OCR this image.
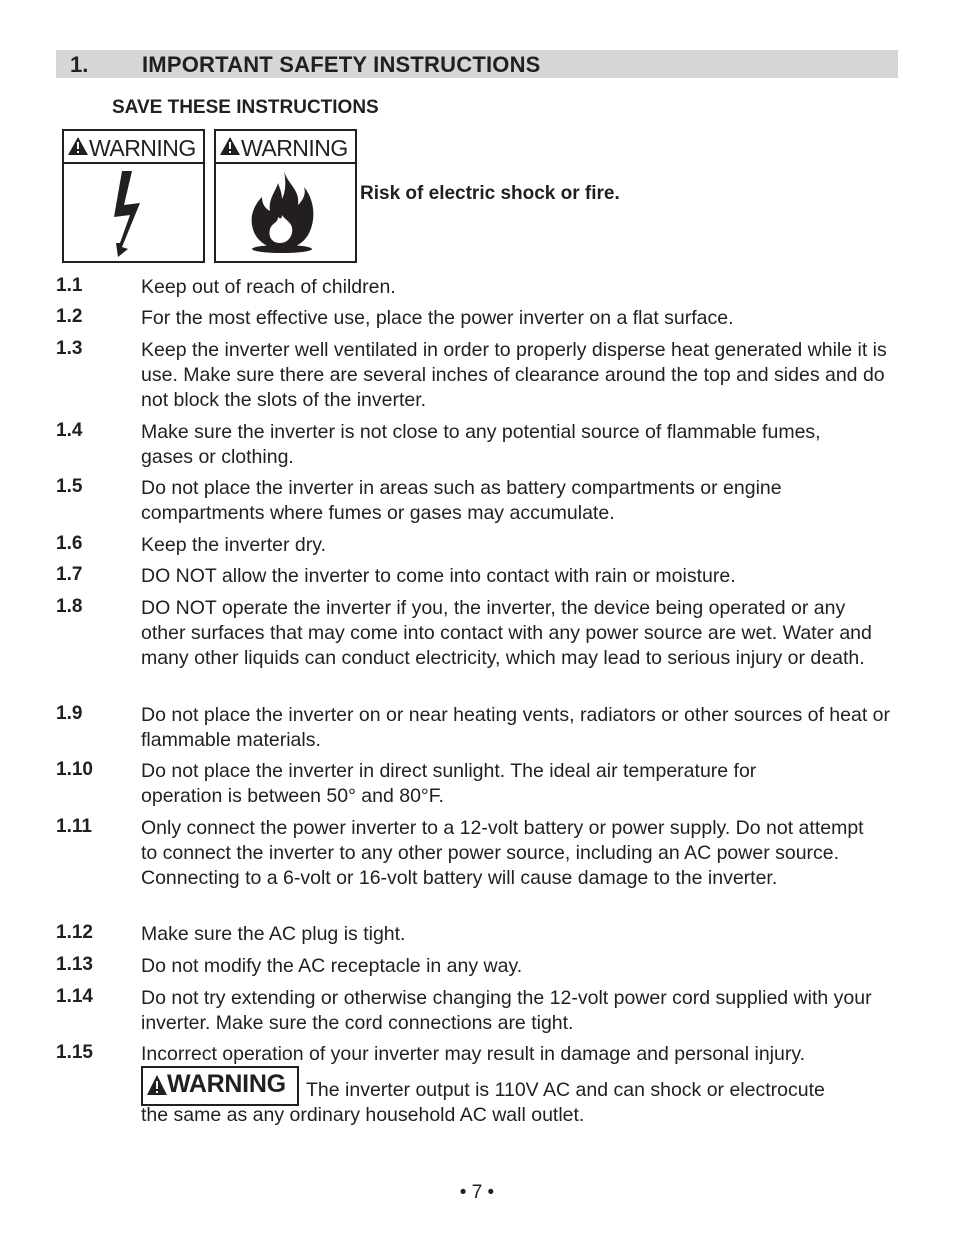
1. IMPORTANT SAFETY INSTRUCTIONS
SAVE THESE INSTRUCTIONS
WARNING WARNING
Risk of electric shock or fire.
1.1	Keep out of reach of children.
1.2	For the most effective use, place the power inverter on a flat surface.
1.3	Keep the inverter well ventilated in order to properly disperse heat generated while it is use. Make sure there are several inches of clearance around the top and sides and do not block the slots of the inverter.
1.4	Make sure the inverter is not close to any potential source of flammable fumes, gases or clothing.
1.5	Do not place the inverter in areas such as battery compartments or engine compartments where fumes or gases may accumulate.
1.6	Keep the inverter dry.
1.7	DO NOT allow the inverter to come into contact with rain or moisture.
1.8	DO NOT operate the inverter if you, the inverter, the device being operated or any other surfaces that may come into contact with any power source are wet. Water and many other liquids can conduct electricity, which may lead to serious injury or death.
1.9	Do not place the inverter on or near heating vents, radiators or other sources of heat or flammable materials.
1.10 Do not place the inverter in direct sunlight. The ideal air temperature for operation is between 50° and 80°F.
1.11	Only connect the power inverter to a 12-volt battery or power supply. Do not attempt to connect the inverter to any other power source, including an AC power source. Connecting to a 6-volt or 16-volt battery will cause damage to the inverter.
1.12 Make sure the AC plug is tight.
1.13 Do not modify the AC receptacle in any way.
1.14 Do not try extending or otherwise changing the 12-volt power cord supplied with your inverter. Make sure the cord connections are tight.
1.15 Incorrect operation of your inverter may result in damage and personal injury.
WARNING The inverter output is 110V AC and can shock or electrocute
the same as any ordinary household AC wall outlet.
• 7 •
